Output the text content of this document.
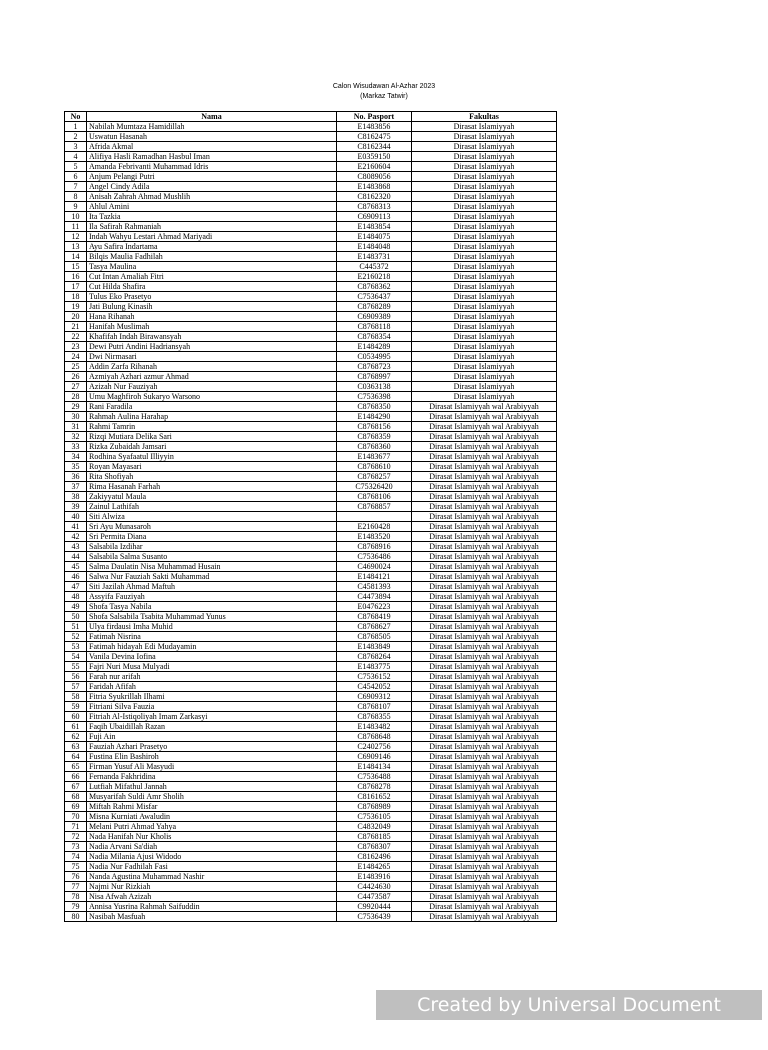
Calon Wisudawan Al-Azhar 2023
(Markaz Tatwir)
No	Nama	No. Pasport	Fakultas
1	Nabilah Mumtaza Hamidillah	E1483856	Dirasat Islamiyyah
2	Uswatun Hasanah	C8162475	Dirasat Islamiyyah
3	Afrida Akmal	C8162344	Dirasat Islamiyyah
4	Alifiya Hasli Ramadhan Hasbul Iman	E0359150	Dirasat Islamiyyah
5	Amanda Febrivanti Muhammad Idris	E2160604	Dirasat Islamiyyah
6	Anjum Pelangi Putri	C8089056	Dirasat Islamiyyah
7	Angel Cindy Adila	E1483868	Dirasat Islamiyyah
8	Anisah Zahrah Ahmad Mushlih	C8162320	Dirasat Islamiyyah
9	Ahlul Amini	C8768313	Dirasat Islamiyyah
10	Ita Tazkia	C6909113	Dirasat Islamiyyah
11	Ila Safirah Rahmaniah	E1483854	Dirasat Islamiyyah
12	Indah Wahyu Lestari Ahmad Mariyadi	E1484075	Dirasat Islamiyyah
13	Ayu Safira Indartama	E1484048	Dirasat Islamiyyah
14	Bilqis Maulia Fadhilah	E1483731	Dirasat Islamiyyah
15	Tasya Maulina	C445372	Dirasat Islamiyyah
16	Cut Intan Amaliah Fitri	E2160218	Dirasat Islamiyyah
17	Cut Hilda Shafira	C8768362	Dirasat Islamiyyah
18	Tulus Eko Prasetyo	C7536437	Dirasat Islamiyyah
19	Jati Bulung Kinasih	C8768289	Dirasat Islamiyyah
20	Hana Rihanah	C6909389	Dirasat Islamiyyah
21	Hanifah Muslimah	C8768118	Dirasat Islamiyyah
22	Khafifah Indah Birawansyah	C8768354	Dirasat Islamiyyah
23	Dewi Putri Andini Hadriansyah	E1484289	Dirasat Islamiyyah
24	Dwi Nirmasari	C0534995	Dirasat Islamiyyah
25	Addin Zarfa Rihanah	C8768723	Dirasat Islamiyyah
26	Azmiyah Azhari azmur Ahmad	C8768997	Dirasat Islamiyyah
27	Azizah Nur Fauziyah	C0363138	Dirasat Islamiyyah
28	Umu Maghfiroh Sukaryo Warsono	C7536398	Dirasat Islamiyyah
29	Rani Faradila	C8768350	Dirasat Islamiyyah wal Arabiyyah
30	Rahmah Aulina Harahap	E1484290	Dirasat Islamiyyah wal Arabiyyah
31	Rahmi Tamrin	C8768156	Dirasat Islamiyyah wal Arabiyyah
32	Rizqi Mutiara Delika Sari	C8768359	Dirasat Islamiyyah wal Arabiyyah
33	Rizka Zubaidah Jamsari	C8768360	Dirasat Islamiyyah wal Arabiyyah
34	Rodhina Syafaatul Illiyyin	E1483677	Dirasat Islamiyyah wal Arabiyyah
35	Royan Mayasari	C8768610	Dirasat Islamiyyah wal Arabiyyah
36	Rita Shofiyah	C8768257	Dirasat Islamiyyah wal Arabiyyah
37	Rima Hasanah Farhah	C75326420	Dirasat Islamiyyah wal Arabiyyah
38	Zakiyyatul Maula	C8768106	Dirasat Islamiyyah wal Arabiyyah
39	Zainul Lathifah	C8768857	Dirasat Islamiyyah wal Arabiyyah
40	Siti Alwiza		Dirasat Islamiyyah wal Arabiyyah
41	Sri Ayu Munasaroh	E2160428	Dirasat Islamiyyah wal Arabiyyah
42	Sri Permita Diana	E1483520	Dirasat Islamiyyah wal Arabiyyah
43	Salsabila Izdihar	C8768916	Dirasat Islamiyyah wal Arabiyyah
44	Salsabila Salma Susanto	C7536486	Dirasat Islamiyyah wal Arabiyyah
45	Salma Daulatin Nisa Muhammad Husain	C4690024	Dirasat Islamiyyah wal Arabiyyah
46	Salwa Nur Fauziah Sakti Muhammad	E1484121	Dirasat Islamiyyah wal Arabiyyah
47	Siti Jazilah Ahmad Maftuh	C4581393	Dirasat Islamiyyah wal Arabiyyah
48	Assyifa Fauziyah	C4473894	Dirasat Islamiyyah wal Arabiyyah
49	Shofa Tasya Nabila	E0476223	Dirasat Islamiyyah wal Arabiyyah
50	Shofa Salsabila Tsabita Muhammad Yunus	C8768419	Dirasat Islamiyyah wal Arabiyyah
51	Ulya firdausi Imha Muhid	C8768627	Dirasat Islamiyyah wal Arabiyyah
52	Fatimah Nisrina	C8768505	Dirasat Islamiyyah wal Arabiyyah
53	Fatimah hidayah Edi Mudayamin	E1483849	Dirasat Islamiyyah wal Arabiyyah
54	Vanila Devina Iofina	C8768264	Dirasat Islamiyyah wal Arabiyyah
55	Fajri Nuri Musa Mulyadi	E1483775	Dirasat Islamiyyah wal Arabiyyah
56	Farah nur arifah	C7536152	Dirasat Islamiyyah wal Arabiyyah
57	Faridah Afifah	C4542052	Dirasat Islamiyyah wal Arabiyyah
58	Fitria Syukrillah Ilhami	C6909312	Dirasat Islamiyyah wal Arabiyyah
59	Fitriani Silva Fauzia	C8768107	Dirasat Islamiyyah wal Arabiyyah
60	Fitriah Al-Istiqoliyah Imam Zarkasyi	C8768355	Dirasat Islamiyyah wal Arabiyyah
61	Faqih Ubaidillah Razan	E1483482	Dirasat Islamiyyah wal Arabiyyah
62	Fuji Ain	C8768648	Dirasat Islamiyyah wal Arabiyyah
63	Fauziah Azhari Prasetyo	C2402756	Dirasat Islamiyyah wal Arabiyyah
64	Fustina Elin Bashiroh	C6909146	Dirasat Islamiyyah wal Arabiyyah
65	Firman Yusuf Ali Masyudi	E1484134	Dirasat Islamiyyah wal Arabiyyah
66	Fernanda Fakhridina	C7536488	Dirasat Islamiyyah wal Arabiyyah
67	Lutfiah Mifathul Jannah	C8768278	Dirasat Islamiyyah wal Arabiyyah
68	Musyarifah Suldi Amr Sholih	C8161652	Dirasat Islamiyyah wal Arabiyyah
69	Miftah Rahmi Misfar	C8768989	Dirasat Islamiyyah wal Arabiyyah
70	Misna Kurniati Awaludin	C7536105	Dirasat Islamiyyah wal Arabiyyah
71	Melani Putri Ahmad Yahya	C4832049	Dirasat Islamiyyah wal Arabiyyah
72	Nada Hanifah Nur Kholis	C8768185	Dirasat Islamiyyah wal Arabiyyah
73	Nadia Arvani Sa'diah	C8768307	Dirasat Islamiyyah wal Arabiyyah
74	Nadia Milania Ajusi Widodo	C8162496	Dirasat Islamiyyah wal Arabiyyah
75	Nadia Nur Fadhilah Fasi	E1484265	Dirasat Islamiyyah wal Arabiyyah
76	Nanda Agustina Muhammad Nashir	E1483916	Dirasat Islamiyyah wal Arabiyyah
77	Najmi Nur Rizkiah	C4424630	Dirasat Islamiyyah wal Arabiyyah
78	Nisa Afwah Azizah	C4473587	Dirasat Islamiyyah wal Arabiyyah
79	Annisa Yusrina Rahmah Saifuddin	C9920444	Dirasat Islamiyyah wal Arabiyyah
80	Nasibah Masfuah	C7536439	Dirasat Islamiyyah wal Arabiyyah
Created by Universal Document Converter
